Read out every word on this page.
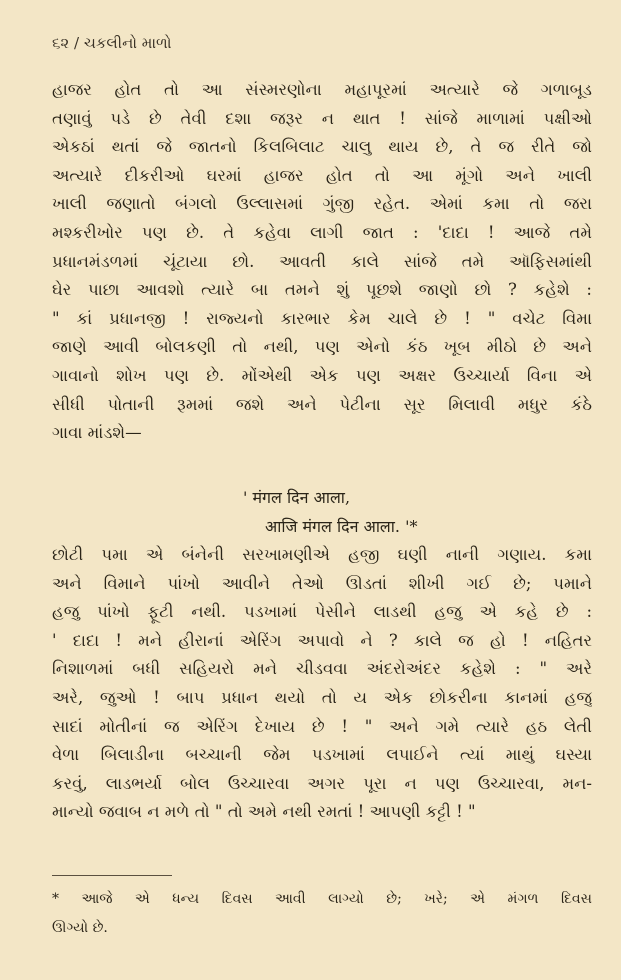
૬૨ / ચકલીનો માળો
હાજર હોત તો આ સંસ્મરણોના મહાપૂરમાં અત્યારે જે ગળાબૂડ
તણાવું પડે છે તેવી દશા જરૂર ન થાત ! સાંજે માળામાં પક્ષીઓ
એકઠાં થતાં જે જાતનો કિલબિલાટ ચાલુ થાય છે, તે જ રીતે જો
અત્યારે દીકરીઓ ઘરમાં હાજર હોત તો આ મૂંગો અને ખાલી
ખાલી જણાતો બંગલો ઉલ્લાસમાં ગુંજી રહેત. એમાં કમા તો જરા
મશ્કરીખોર પણ છે. તે કહેવા લાગી જાત : 'દાદા ! આજે તમે
પ્રધાનમંડળમાં ચૂંટાયા છો. આવતી કાલે સાંજે તમે ઑફિસમાંથી
ઘેર પાછા આવશો ત્યારે બા તમને શું પૂછશે જાણો છો ? કહેશે :
" કાં પ્રધાનજી ! રાજ્યનો કારભાર કેમ ચાલે છે ! " વચેટ વિમા
જાણે આવી બોલકણી તો નથી, પણ એનો કંઠ ખૂબ મીઠો છે અને
ગાવાનો શોખ પણ છે. મોંએથી એક પણ અક્ષર ઉચ્ચાર્યા વિના એ
સીધી પોતાની રૂમમાં જશે અને પેટીના સૂર મિલાવી મધુર કંઠે
ગાવા માંડશે—
' मंगल दिन आला,
आजि मंगल दिन आला. '*
છોટી પમા એ બંનેની સરખામણીએ હજી ઘણી નાની ગણાય. કમા
અને વિમાને પાંખો આવીને તેઓ ઊડતાં શીખી ગઈ છે; પમાને
હજુ પાંખો ફૂટી નથી. પડખામાં પેસીને લાડથી હજુ એ કહે છે :
' દાદા ! મને હીરાનાં એરિંગ અપાવો ને ? કાલે જ હો ! નહિતર
નિશાળમાં બધી સહિયરો મને ચીડવવા અંદરોઅંદર કહેશે : " અરે
અરે, જુઓ ! બાપ પ્રધાન થયો તો ય એક છોકરીના કાનમાં હજુ
સાદાં મોતીનાં જ એરિંગ દેખાય છે ! " અને ગમે ત્યારે હઠ લેતી
વેળા બિલાડીના બચ્ચાની જેમ પડખામાં લપાઈને ત્યાં માથું ઘસ્યા
કરવું, લાડભર્યા બોલ ઉચ્ચારવા અગર પૂરા ન પણ ઉચ્ચારવા, મન-
માન્યો જવાબ ન મળે તો " તો અમે નથી રમતાં ! આપણી કટ્ટી ! "
* આજે એ ધન્ય દિવસ આવી લાગ્યો છે; ખરે; એ મંગળ દિવસ
ઊગ્યો છે.
